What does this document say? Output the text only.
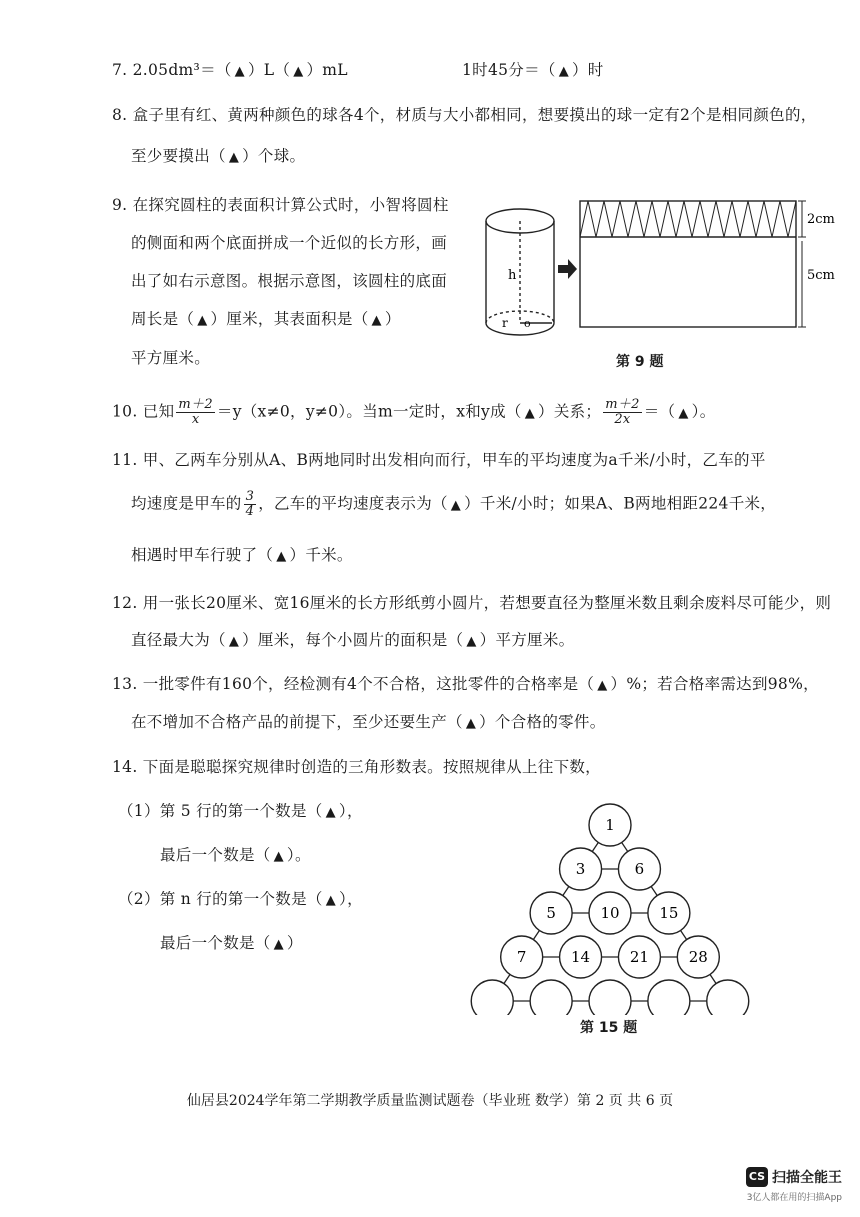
7. 2.05dm³＝（ ▲ ）L（ ▲ ）mL	1时45分＝（ ▲ ）时
8. 盒子里有红、黄两种颜色的球各4个，材质与大小都相同，想要摸出的球一定有2个是相同颜色的，
至少要摸出（ ▲ ）个球。
9. 在探究圆柱的表面积计算公式时，小智将圆柱
的侧面和两个底面拼成一个近似的长方形，画
出了如右示意图。根据示意图，该圆柱的底面
周长是（ ▲ ）厘米，其表面积是（ ▲ ）
平方厘米。
h
r o
2cm
5cm
第 9 题
10. 已知 $\frac{m+2}{x} =y(x\ne 0$，y≠0）。当m一定时，x和y成（ ▲ ）关系； $\frac{m+2}{2x}$ ＝（ ▲ ）。
11. 甲、乙两车分别从A、B两地同时出发相向而行，甲车的平均速度为a千米/小时，乙车的平
均速度是甲车的 $\frac{3}{4}$ ，乙车的平均速度表示为（ ▲ ）千米/小时；如果A、B两地相距224千米，
相遇时甲车行驶了（ ▲ ）千米。
12. 用一张长20厘米、宽16厘米的长方形纸剪小圆片，若想要直径为整厘米数且剩余废料尽可能少，则
直径最大为（ ▲ ）厘米，每个小圆片的面积是（ ▲ ）平方厘米。
13. 一批零件有160个，经检测有4个不合格，这批零件的合格率是（ ▲ ）%；若合格率需达到98%，
在不增加不合格产品的前提下，至少还要生产（ ▲ ）个合格的零件。
14. 下面是聪聪探究规律时创造的三角形数表。按照规律从上往下数，
（1）第 5 行的第一个数是（ ▲ ），
最后一个数是（ ▲ ）。
（2）第 n 行的第一个数是（ ▲ ），
最后一个数是（ ▲ ）
1
3	6
5	10	15
7	14	21	28
第 15 题
仙居县2024学年第二学期教学质量监测试题卷（毕业班 数学）第 2 页 共 6 页
CS 扫描全能王
3亿人都在用的扫描App
